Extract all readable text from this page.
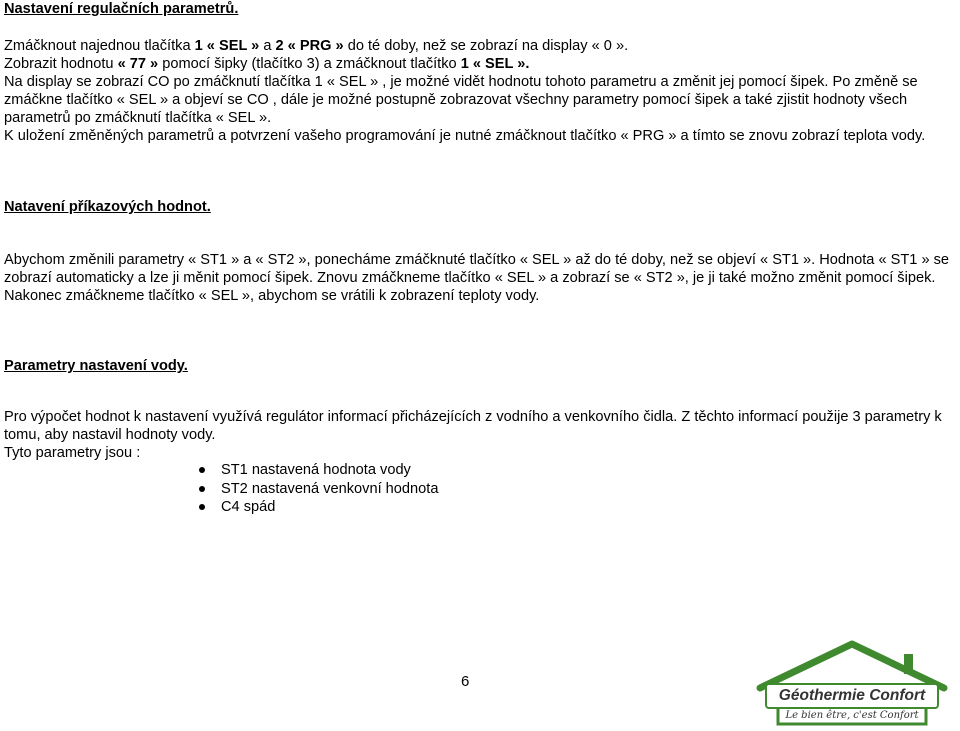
Nastavení regulačních parametrů.

Zmáčknout najednou tlačítka 1 « SEL » a 2 « PRG » do té doby, než se zobrazí na display « 0 ».

Zobrazit hodnotu « 77 » pomocí šipky (tlačítko 3) a zmáčknout tlačítko 1 « SEL ».

Na display se zobrazí CO po zmáčknutí tlačítka 1 « SEL » , je možné vidět hodnotu tohoto parametru a změnit jej pomocí šipek. Po změně se zmáčkne tlačítko « SEL » a objeví se CO , dále je možné postupně zobrazovat všechny parametry pomocí šipek a také zjistit hodnoty všech parametrů po zmáčknutí tlačítka « SEL ».

K uložení změněných parametrů a potvrzení vašeho programování je nutné zmáčknout tlačítko « PRG » a tímto se znovu zobrazí teplota vody.

Natavení příkazových hodnot.

Abychom změnili parametry « ST1 » a « ST2 », ponecháme zmáčknuté tlačítko « SEL » až do té doby, než se objeví « ST1 ». Hodnota « ST1 » se zobrazí automaticky a lze ji měnit pomocí šipek. Znovu zmáčkneme tlačítko « SEL » a zobrazí se « ST2 », je ji také možno změnit pomocí šipek. Nakonec zmáčkneme tlačítko « SEL », abychom se vrátili k zobrazení teploty vody.

Parametry nastavení vody.

Pro výpočet hodnot k nastavení využívá regulátor informací přicházejících z vodního a venkovního čidla. Z těchto informací použije 3 parametry k tomu, aby nastavil hodnoty vody.

Tyto parametry jsou :

ST1 nastavená hodnota vody
ST2 nastavená venkovní hodnota
C4 spád
6
Géothermie Confort
Le bien être, c'est Confort
